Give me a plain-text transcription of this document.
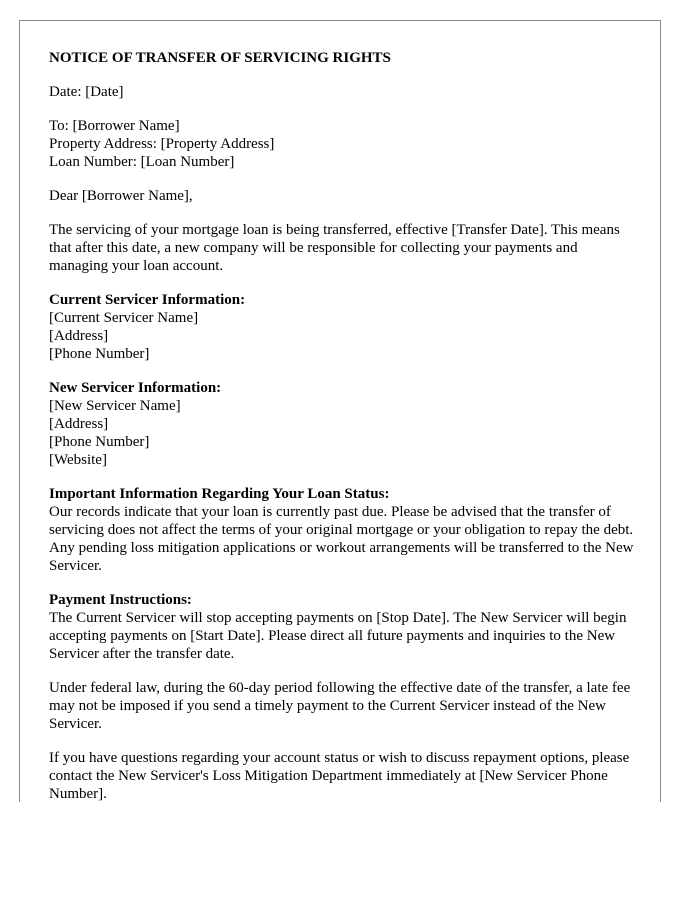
NOTICE OF TRANSFER OF SERVICING RIGHTS
Date: [Date]
To: [Borrower Name]
Property Address: [Property Address]
Loan Number: [Loan Number]
Dear [Borrower Name],
The servicing of your mortgage loan is being transferred, effective [Transfer Date]. This means that after this date, a new company will be responsible for collecting your payments and managing your loan account.
Current Servicer Information:
[Current Servicer Name]
[Address]
[Phone Number]
New Servicer Information:
[New Servicer Name]
[Address]
[Phone Number]
[Website]
Important Information Regarding Your Loan Status:
Our records indicate that your loan is currently past due. Please be advised that the transfer of servicing does not affect the terms of your original mortgage or your obligation to repay the debt. Any pending loss mitigation applications or workout arrangements will be transferred to the New Servicer.
Payment Instructions:
The Current Servicer will stop accepting payments on [Stop Date]. The New Servicer will begin accepting payments on [Start Date]. Please direct all future payments and inquiries to the New Servicer after the transfer date.
Under federal law, during the 60-day period following the effective date of the transfer, a late fee may not be imposed if you send a timely payment to the Current Servicer instead of the New Servicer.
If you have questions regarding your account status or wish to discuss repayment options, please contact the New Servicer's Loss Mitigation Department immediately at [New Servicer Phone Number].
